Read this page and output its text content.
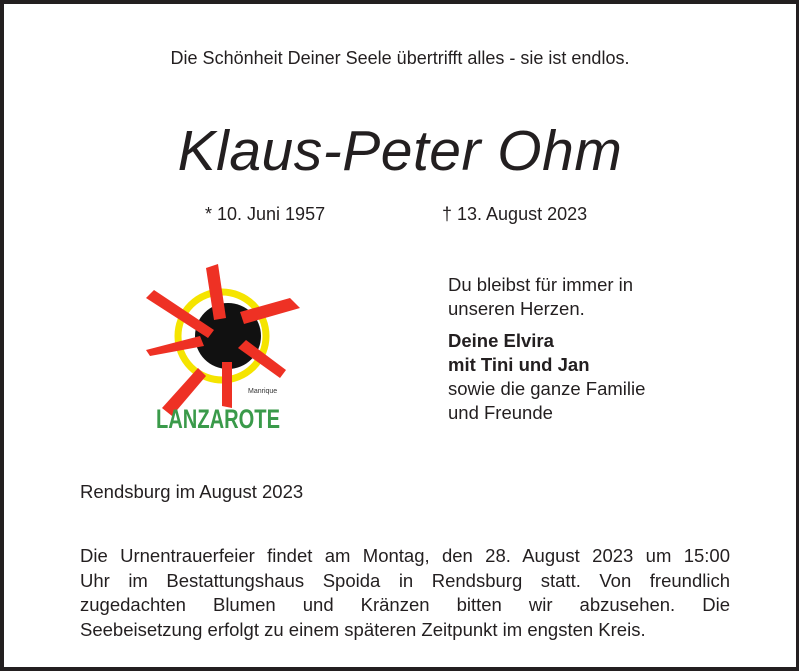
Die Schönheit Deiner Seele übertrifft alles - sie ist endlos.
Klaus-Peter Ohm
* 10. Juni 1957	† 13. August 2023
Manrique
LANZAROTE

Du bleibst für immer in

unseren Herzen.

Deine Elvira

mit Tini und Jan

sowie die ganze Familie

und Freunde

Rendsburg im August 2023
Die Urnentrauerfeier findet am Montag, den 28. August 2023 um 15:00
Uhr im Bestattungshaus Spoida in Rendsburg statt. Von freundlich
zugedachten Blumen und Kränzen bitten wir abzusehen. Die
Seebeisetzung erfolgt zu einem späteren Zeitpunkt im engsten Kreis.
